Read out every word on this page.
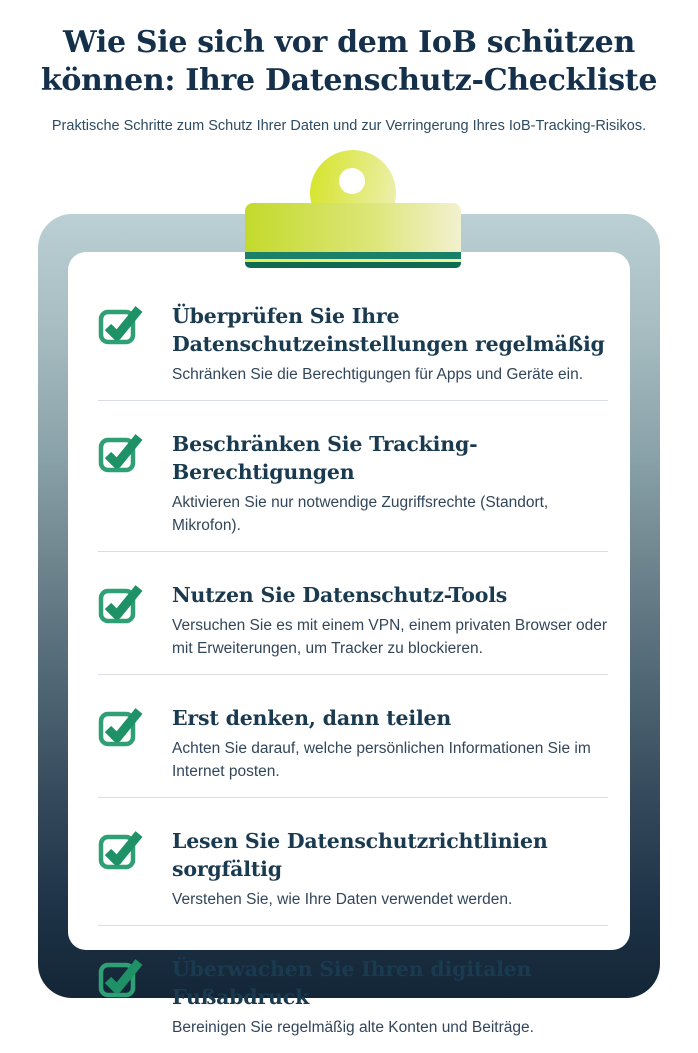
Wie Sie sich vor dem IoB schützen
können: Ihre Datenschutz-Checkliste
Praktische Schritte zum Schutz Ihrer Daten und zur Verringerung Ihres IoB-Tracking-Risikos.
Überprüfen Sie Ihre Datenschutzeinstellungen regelmäßig
Schränken Sie die Berechtigungen für Apps und Geräte ein.
Beschränken Sie Tracking-Berechtigungen
Aktivieren Sie nur notwendige Zugriffsrechte (Standort, Mikrofon).
Nutzen Sie Datenschutz-Tools
Versuchen Sie es mit einem VPN, einem privaten Browser oder mit Erweiterungen, um Tracker zu blockieren.
Erst denken, dann teilen
Achten Sie darauf, welche persönlichen Informationen Sie im Internet posten.
Lesen Sie Datenschutzrichtlinien sorgfältig
Verstehen Sie, wie Ihre Daten verwendet werden.
Überwachen Sie Ihren digitalen Fußabdruck
Bereinigen Sie regelmäßig alte Konten und Beiträge.
